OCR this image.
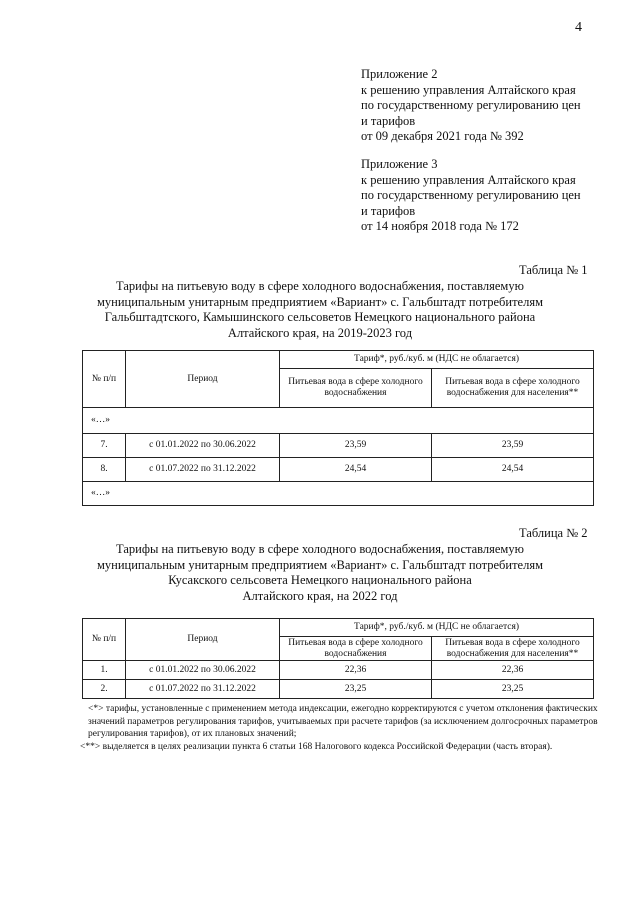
4
Приложение 2
к решению управления Алтайского края
по государственному регулированию цен
и тарифов
от 09 декабря 2021 года № 392
Приложение 3
к решению управления Алтайского края
по государственному регулированию цен
и тарифов
от 14 ноября 2018 года № 172
Таблица № 1
Тарифы на питьевую воду в сфере холодного водоснабжения, поставляемую
муниципальным унитарным предприятием «Вариант» с. Гальбштадт потребителям
Гальбштадтского, Камышинского сельсоветов Немецкого национального района
Алтайского края, на 2019-2023 год
№ п/п	Период	Тариф*, руб./куб. м (НДС не облагается)	
		Питьевая вода в сфере холодного водоснабжения	Питьевая вода в сфере холодного водоснабжения для населения**
«…»			
7.	с 01.01.2022 по 30.06.2022	23,59	23,59
8.	с 01.07.2022 по 31.12.2022	24,54	24,54
«…»			
Таблица № 2
Тарифы на питьевую воду в сфере холодного водоснабжения, поставляемую
муниципальным унитарным предприятием «Вариант» с. Гальбштадт потребителям
Кусакского сельсовета Немецкого национального района
Алтайского края, на 2022 год
№ п/п	Период	Тариф*, руб./куб. м (НДС не облагается)	
		Питьевая вода в сфере холодного водоснабжения	Питьевая вода в сфере холодного водоснабжения для населения**
1.	с 01.01.2022 по 30.06.2022	22,36	22,36
2.	с 01.07.2022 по 31.12.2022	23,25	23,25
<*> тарифы, установленные с применением метода индексации, ежегодно корректируются с учетом отклонения фактических значений параметров регулирования тарифов, учитываемых при расчете тарифов (за исключением долгосрочных параметров регулирования тарифов), от их плановых значений;
<**> выделяется в целях реализации пункта 6 статьи 168 Налогового кодекса Российской Федерации (часть вторая).
